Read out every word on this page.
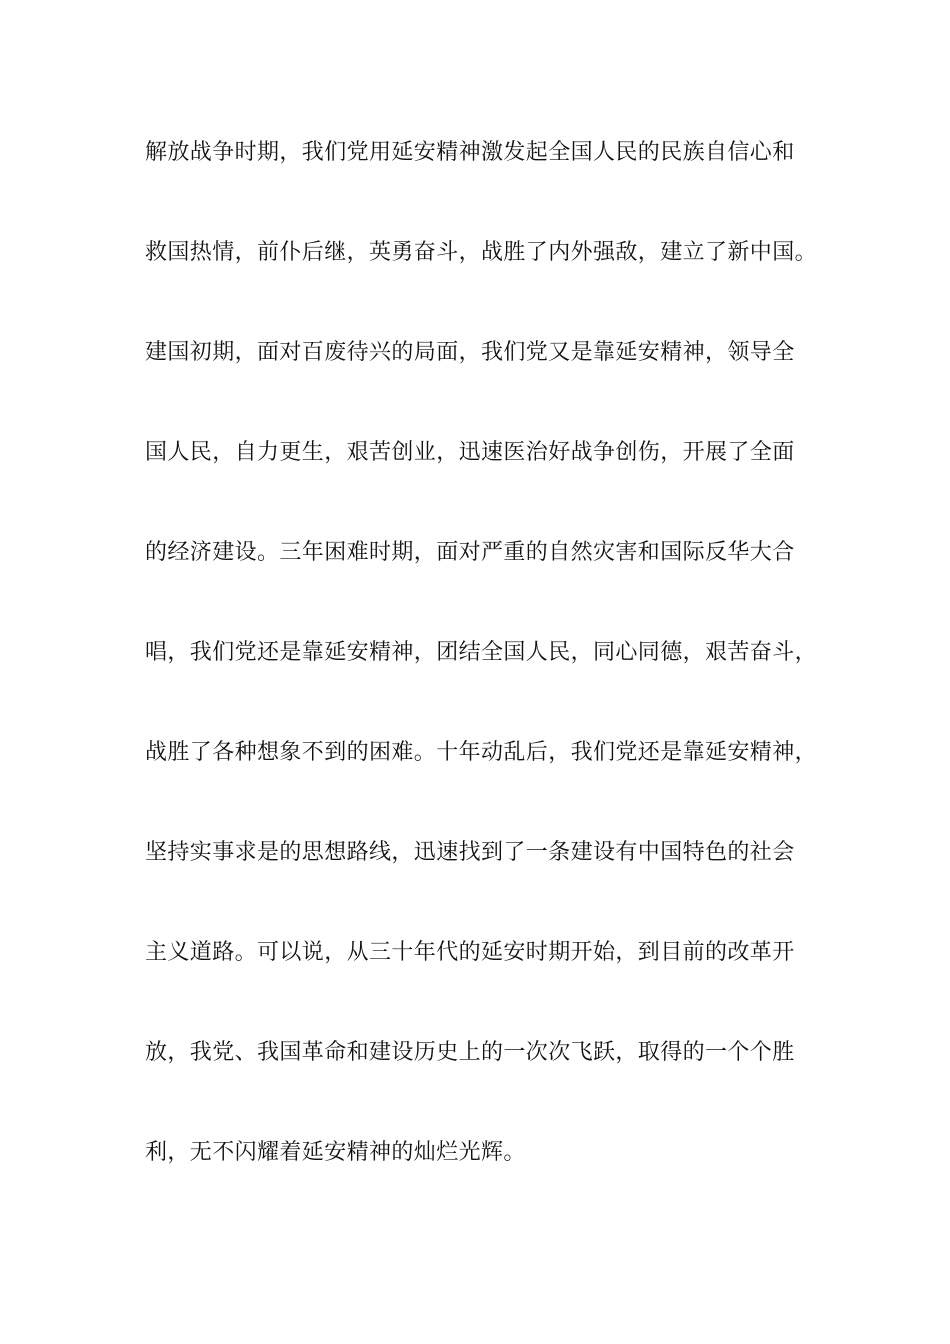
解放战争时期，我们党用延安精神激发起全国人民的民族自信心和
救国热情，前仆后继，英勇奋斗，战胜了内外强敌，建立了新中国。
建国初期，面对百废待兴的局面，我们党又是靠延安精神，领导全
国人民，自力更生，艰苦创业，迅速医治好战争创伤，开展了全面
的经济建设。三年困难时期，面对严重的自然灾害和国际反华大合
唱，我们党还是靠延安精神，团结全国人民，同心同德，艰苦奋斗，
战胜了各种想象不到的困难。十年动乱后，我们党还是靠延安精神，
坚持实事求是的思想路线，迅速找到了一条建设有中国特色的社会
主义道路。可以说，从三十年代的延安时期开始，到目前的改革开
放，我党、我国革命和建设历史上的一次次飞跃，取得的一个个胜
利，无不闪耀着延安精神的灿烂光辉。
